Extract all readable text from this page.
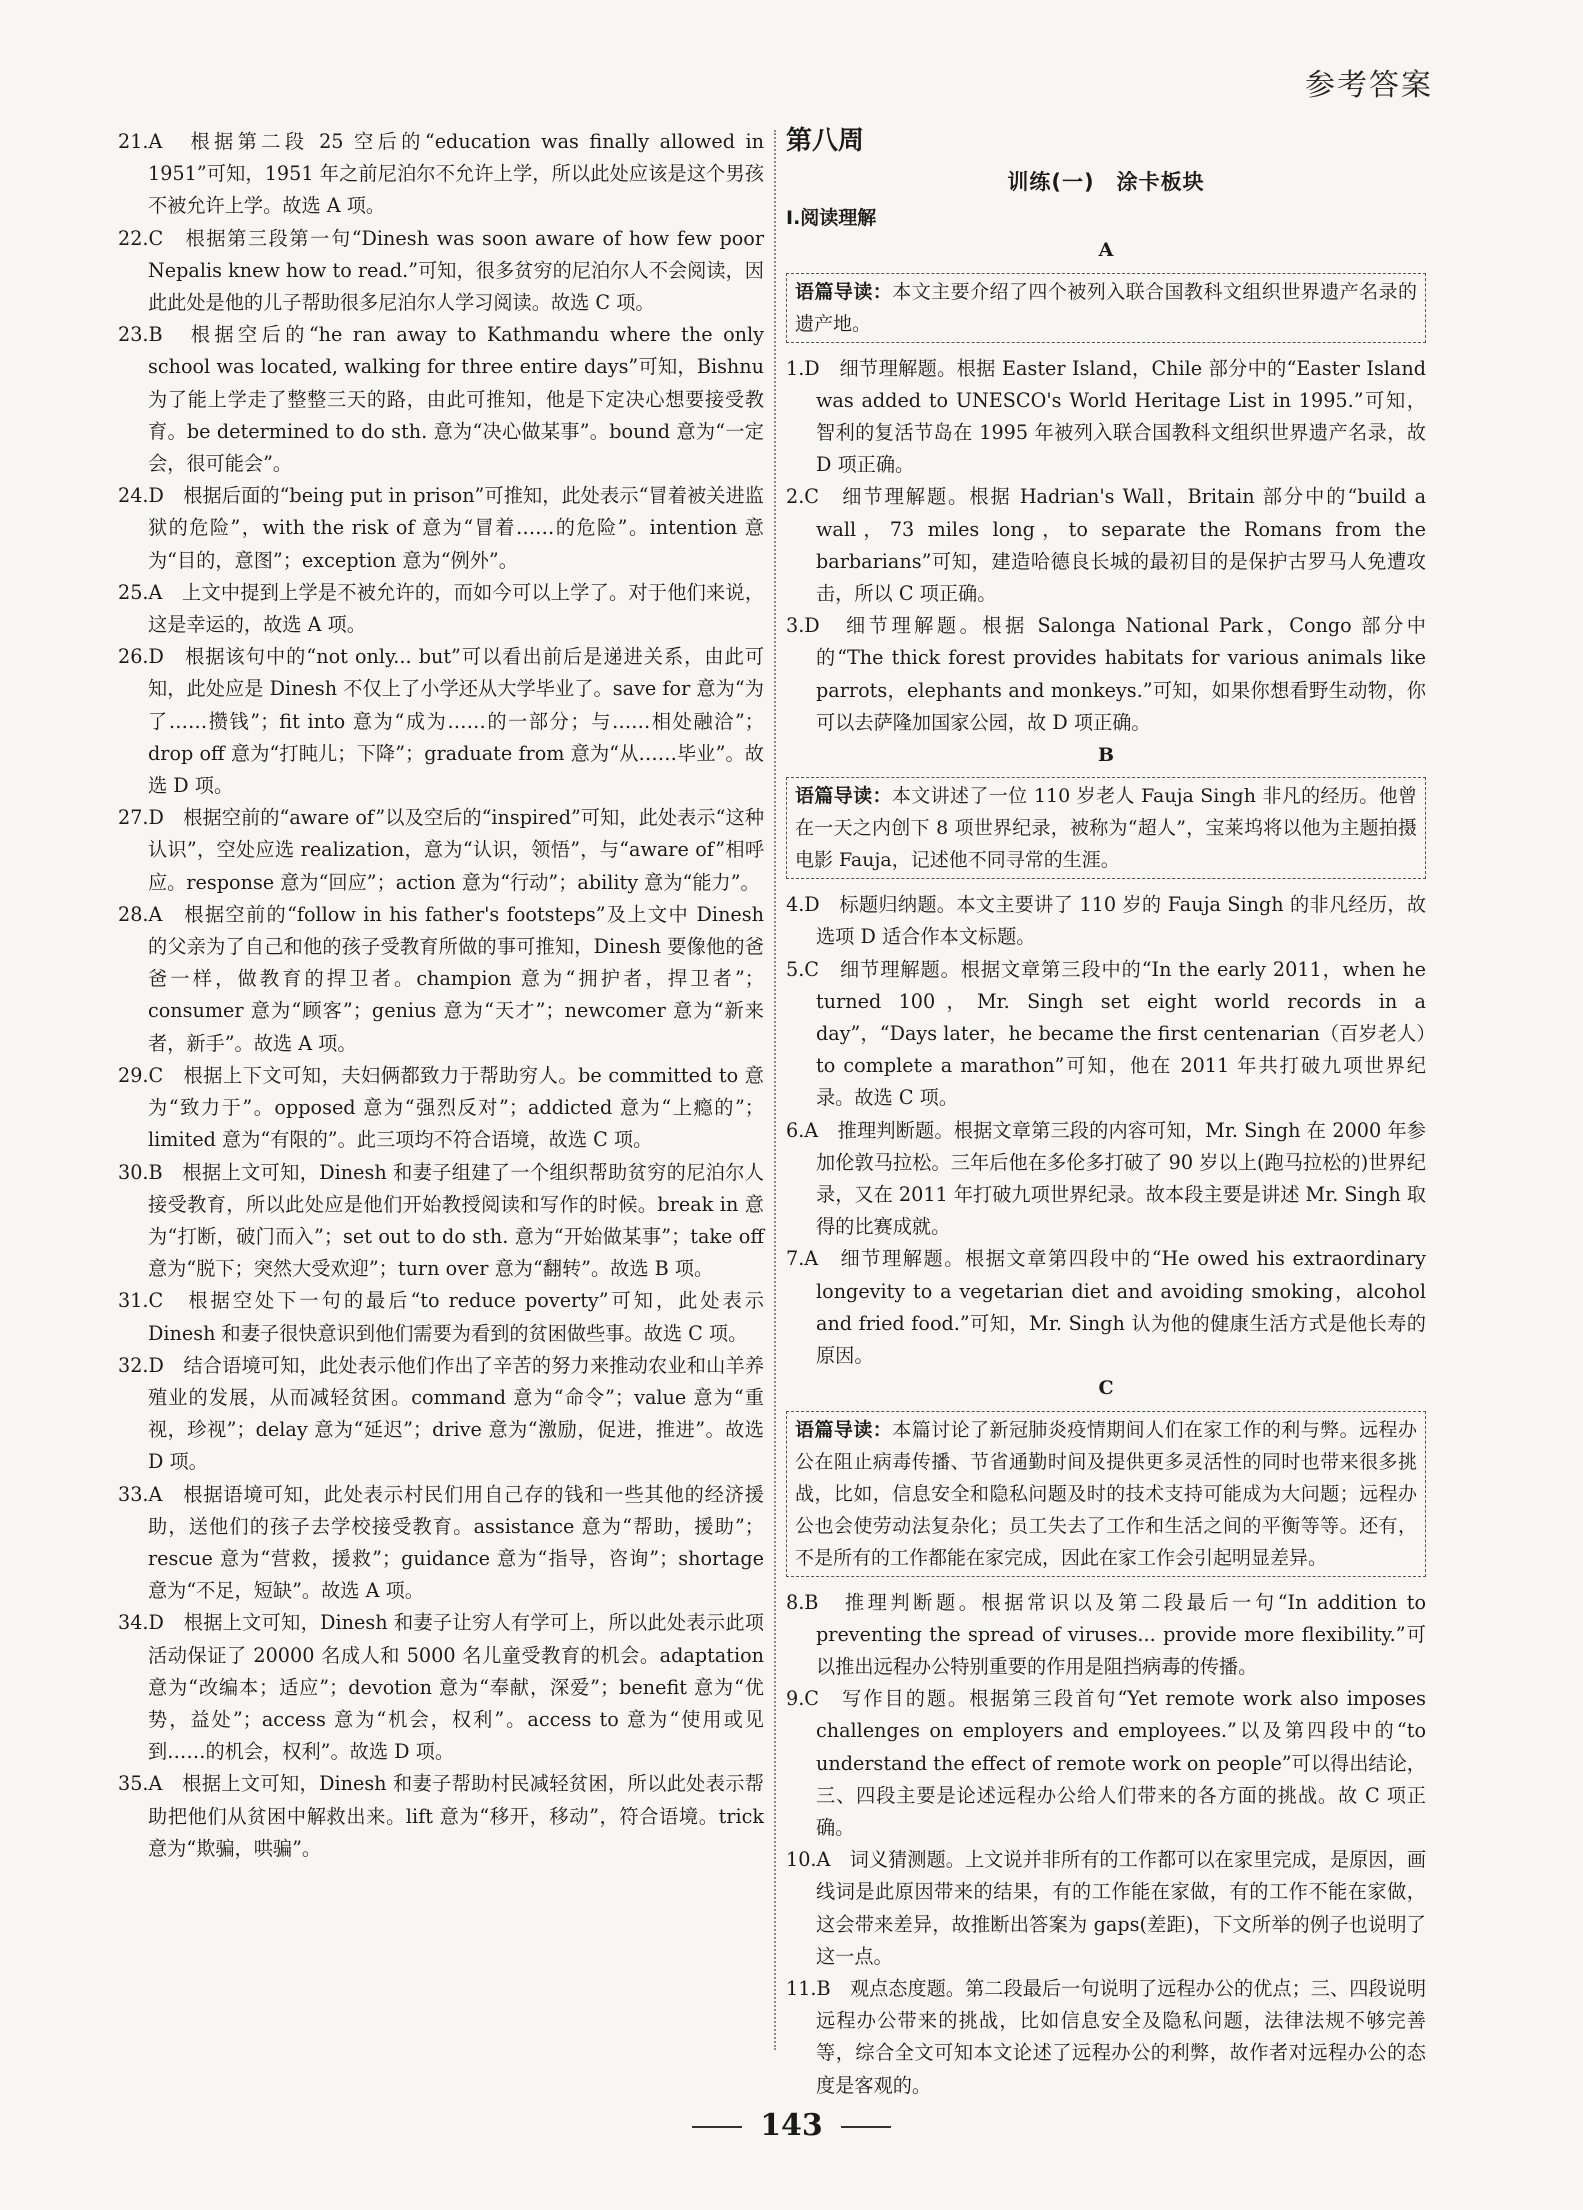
参考答案

21.A　 根据第二段 25 空后的“education was finally allowed in 1951”可知，1951 年之前尼泊尔不允许上学，所以此处应该是这个男孩不被允许上学。故选 A 项。

22.C　 根据第三段第一句“Dinesh was soon aware of how few poor Nepalis knew how to read.”可知，很多贫穷的尼泊尔人不会阅读，因此此处是他的儿子帮助很多尼泊尔人学习阅读。故选 C 项。

23.B　 根据空后的“he ran away to Kathmandu where the only school was located, walking for three entire days”可知，Bishnu 为了能上学走了整整三天的路，由此可推知，他是下定决心想要接受教育。be determined to do sth. 意为“决心做某事”。bound 意为“一定会，很可能会”。

24.D　 根据后面的“being put in prison”可推知，此处表示“冒着被关进监狱的危险”，with the risk of 意为“冒着……的危险”。intention 意为“目的，意图”；exception 意为“例外”。

25.A　 上文中提到上学是不被允许的，而如今可以上学了。对于他们来说，这是幸运的，故选 A 项。

26.D　 根据该句中的“not only... but”可以看出前后是递进关系，由此可知，此处应是 Dinesh 不仅上了小学还从大学毕业了。save for 意为“为了……攒钱”；fit into 意为“成为……的一部分；与……相处融洽”；drop off 意为“打盹儿；下降”；graduate from 意为“从……毕业”。故选 D 项。

27.D　 根据空前的“aware of”以及空后的“inspired”可知，此处表示“这种认识”，空处应选 realization，意为“认识，领悟”，与“aware of”相呼应。response 意为“回应”；action 意为“行动”；ability 意为“能力”。

28.A　 根据空前的“follow in his father's footsteps”及上文中 Dinesh 的父亲为了自己和他的孩子受教育所做的事可推知，Dinesh 要像他的爸爸一样，做教育的捍卫者。champion 意为“拥护者，捍卫者”；consumer 意为“顾客”；genius 意为“天才”；newcomer 意为“新来者，新手”。故选 A 项。

29.C　 根据上下文可知，夫妇俩都致力于帮助穷人。be committed to 意为“致力于”。opposed 意为“强烈反对”；addicted 意为“上瘾的”；limited 意为“有限的”。此三项均不符合语境，故选 C 项。

30.B　 根据上文可知，Dinesh 和妻子组建了一个组织帮助贫穷的尼泊尔人接受教育，所以此处应是他们开始教授阅读和写作的时候。break in 意为“打断，破门而入”；set out to do sth. 意为“开始做某事”；take off 意为“脱下；突然大受欢迎”；turn over 意为“翻转”。故选 B 项。

31.C　 根据空处下一句的最后“to reduce poverty”可知，此处表示 Dinesh 和妻子很快意识到他们需要为看到的贫困做些事。故选 C 项。

32.D　 结合语境可知，此处表示他们作出了辛苦的努力来推动农业和山羊养殖业的发展，从而减轻贫困。command 意为“命令”；value 意为“重视，珍视”；delay 意为“延迟”；drive 意为“激励，促进，推进”。故选 D 项。

33.A　 根据语境可知，此处表示村民们用自己存的钱和一些其他的经济援助，送他们的孩子去学校接受教育。assistance 意为“帮助，援助”；rescue 意为“营救，援救”；guidance 意为“指导，咨询”；shortage 意为“不足，短缺”。故选 A 项。

34.D　 根据上文可知，Dinesh 和妻子让穷人有学可上，所以此处表示此项活动保证了 20000 名成人和 5000 名儿童受教育的机会。adaptation 意为“改编本；适应”；devotion 意为“奉献，深爱”；benefit 意为“优势，益处”；access 意为“机会，权利”。access to 意为“使用或见到……的机会，权利”。故选 D 项。

35.A　 根据上文可知，Dinesh 和妻子帮助村民减轻贫困，所以此处表示帮助把他们从贫困中解救出来。lift 意为“移开，移动”，符合语境。trick 意为“欺骗，哄骗”。

第八周
训练(一)　涂卡板块
Ⅰ.阅读理解
A
语篇导读：本文主要介绍了四个被列入联合国教科文组织世界遗产名录的遗产地。

1.D　 细节理解题。根据 Easter Island，Chile 部分中的“Easter Island was added to UNESCO's World Heritage List in 1995.”可知，智利的复活节岛在 1995 年被列入联合国教科文组织世界遗产名录，故 D 项正确。

2.C　 细节理解题。根据 Hadrian's Wall，Britain 部分中的“build a wall，73 miles long，to separate the Romans from the barbarians”可知，建造哈德良长城的最初目的是保护古罗马人免遭攻击，所以 C 项正确。

3.D　 细节理解题。根据 Salonga National Park，Congo 部分中的“The thick forest provides habitats for various animals like parrots，elephants and monkeys.”可知，如果你想看野生动物，你可以去萨隆加国家公园，故 D 项正确。

B
语篇导读：本文讲述了一位 110 岁老人 Fauja Singh 非凡的经历。他曾在一天之内创下 8 项世界纪录，被称为“超人”，宝莱坞将以他为主题拍摄电影 Fauja，记述他不同寻常的生涯。

4.D　 标题归纳题。本文主要讲了 110 岁的 Fauja Singh 的非凡经历，故选项 D 适合作本文标题。

5.C　 细节理解题。根据文章第三段中的“In the early 2011，when he turned 100，Mr. Singh set eight world records in a day”，“Days later，he became the first centenarian（百岁老人）to complete a marathon”可知，他在 2011 年共打破九项世界纪录。故选 C 项。

6.A　 推理判断题。根据文章第三段的内容可知，Mr. Singh 在 2000 年参加伦敦马拉松。三年后他在多伦多打破了 90 岁以上(跑马拉松的)世界纪录，又在 2011 年打破九项世界纪录。故本段主要是讲述 Mr. Singh 取得的比赛成就。

7.A　 细节理解题。根据文章第四段中的“He owed his extraordinary longevity to a vegetarian diet and avoiding smoking，alcohol and fried food.”可知，Mr. Singh 认为他的健康生活方式是他长寿的原因。

C
语篇导读：本篇讨论了新冠肺炎疫情期间人们在家工作的利与弊。远程办公在阻止病毒传播、节省通勤时间及提供更多灵活性的同时也带来很多挑战，比如，信息安全和隐私问题及时的技术支持可能成为大问题；远程办公也会使劳动法复杂化；员工失去了工作和生活之间的平衡等等。还有，不是所有的工作都能在家完成，因此在家工作会引起明显差异。

8.B　 推理判断题。根据常识以及第二段最后一句“In addition to preventing the spread of viruses... provide more flexibility.”可以推出远程办公特别重要的作用是阻挡病毒的传播。

9.C　 写作目的题。根据第三段首句“Yet remote work also imposes challenges on employers and employees.”以及第四段中的“to understand the effect of remote work on people”可以得出结论，三、四段主要是论述远程办公给人们带来的各方面的挑战。故 C 项正确。

10.A　 词义猜测题。上文说并非所有的工作都可以在家里完成，是原因，画线词是此原因带来的结果，有的工作能在家做，有的工作不能在家做，这会带来差异，故推断出答案为 gaps(差距)，下文所举的例子也说明了这一点。

11.B　 观点态度题。第二段最后一句说明了远程办公的优点；三、四段说明远程办公带来的挑战，比如信息安全及隐私问题，法律法规不够完善等，综合全文可知本文论述了远程办公的利弊，故作者对远程办公的态度是客观的。

143
